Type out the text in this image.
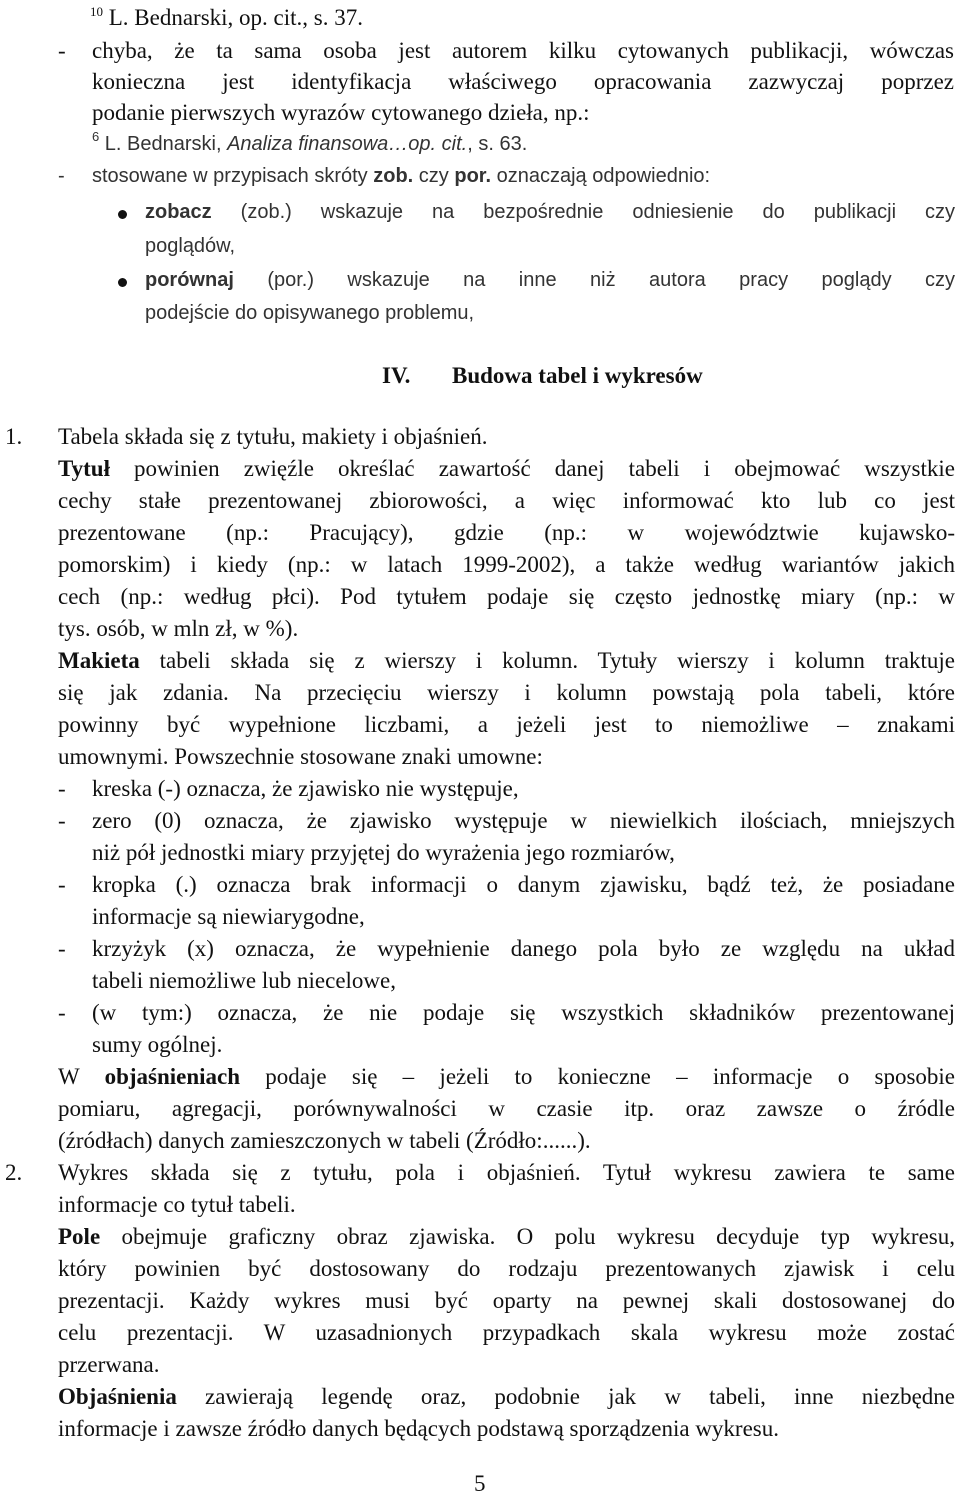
$^{10}$ L. Bednarski, op. cit., s. 37.
- chyba, że ta sama osoba jest autorem kilku cytowanych publikacji, wówczas
konieczna jest identyfikacja właściwego opracowania zazwyczaj poprzez
podanie pierwszych wyrazów cytowanego dzieła, np.:
$^6$ L. Bednarski, Analiza finansowa…op. cit., s. 63.
- stosowane w przypisach skróty zob. czy por. oznaczają odpowiednio:
zobacz (zob.) wskazuje na bezpośrednie odniesienie do publikacji czy
poglądów,
porównaj (por.) wskazuje na inne niż autora pracy poglądy czy
podejście do opisywanego problemu,
IV. Budowa tabel i wykresów
1. Tabela składa się z tytułu, makiety i objaśnień.
Tytuł powinien zwięźle określać zawartość danej tabeli i obejmować wszystkie
cechy stałe prezentowanej zbiorowości, a więc informować kto lub co jest
prezentowane (np.: Pracujący), gdzie (np.: w województwie kujawsko-
pomorskim) i kiedy (np.: w latach 1999-2002), a także według wariantów jakich
cech (np.: według płci). Pod tytułem podaje się często jednostkę miary (np.: w
tys. osób, w mln zł, w %).
Makieta tabeli składa się z wierszy i kolumn. Tytuły wierszy i kolumn traktuje
się jak zdania. Na przecięciu wierszy i kolumn powstają pola tabeli, które
powinny być wypełnione liczbami, a jeżeli jest to niemożliwe – znakami
umownymi. Powszechnie stosowane znaki umowne:
- kreska (-) oznacza, że zjawisko nie występuje,
- zero (0) oznacza, że zjawisko występuje w niewielkich ilościach, mniejszych
niż pół jednostki miary przyjętej do wyrażenia jego rozmiarów,
- kropka (.) oznacza brak informacji o danym zjawisku, bądź też, że posiadane
informacje są niewiarygodne,
- krzyżyk (x) oznacza, że wypełnienie danego pola było ze względu na układ
tabeli niemożliwe lub niecelowe,
- (w tym:) oznacza, że nie podaje się wszystkich składników prezentowanej
sumy ogólnej.
W objaśnieniach podaje się – jeżeli to konieczne – informacje o sposobie
pomiaru, agregacji, porównywalności w czasie itp. oraz zawsze o źródle
(źródłach) danych zamieszczonych w tabeli (Źródło:......).
2. Wykres składa się z tytułu, pola i objaśnień. Tytuł wykresu zawiera te same
informacje co tytuł tabeli.
Pole obejmuje graficzny obraz zjawiska. O polu wykresu decyduje typ wykresu,
który powinien być dostosowany do rodzaju prezentowanych zjawisk i celu
prezentacji. Każdy wykres musi być oparty na pewnej skali dostosowanej do
celu prezentacji. W uzasadnionych przypadkach skala wykresu może zostać
przerwana.
Objaśnienia zawierają legendę oraz, podobnie jak w tabeli, inne niezbędne
informacje i zawsze źródło danych będących podstawą sporządzenia wykresu.
5
